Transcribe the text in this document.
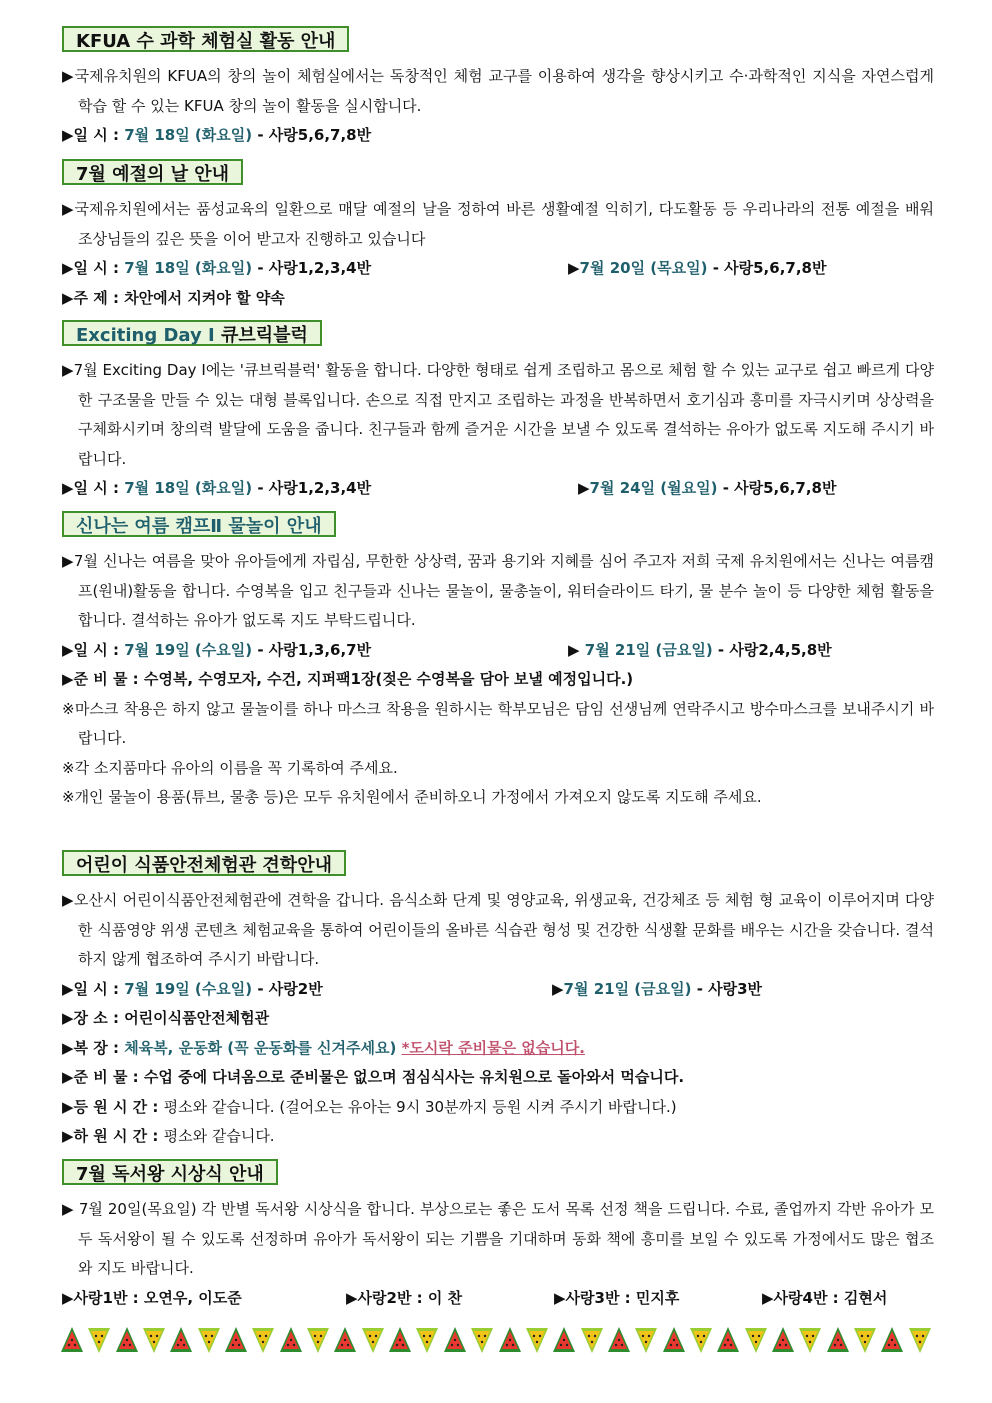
KFUA 수 과학 체험실 활동 안내
▶국제유치원의 KFUA의 창의 놀이 체험실에서는 독창적인 체험 교구를 이용하여 생각을 향상시키고 수·과학적인 지식을 자연스럽게 학습 할 수 있는 KFUA 창의 놀이 활동을 실시합니다.
▶일 시 : 7월 18일 (화요일) - 사랑5,6,7,8반
7월 예절의 날 안내
▶국제유치원에서는 품성교육의 일환으로 매달 예절의 날을 정하여 바른 생활예절 익히기, 다도활동 등 우리나라의 전통 예절을 배워 조상님들의 깊은 뜻을 이어 받고자 진행하고 있습니다
▶일 시 : 7월 18일 (화요일) - 사랑1,2,3,4반	▶7월 20일 (목요일) - 사랑5,6,7,8반
▶주 제 : 차안에서 지켜야 할 약속
Exciting Day Ⅰ 큐브릭블럭
▶7월 Exciting Day Ⅰ에는 '큐브릭블럭' 활동을 합니다. 다양한 형태로 쉽게 조립하고 몸으로 체험 할 수 있는 교구로 쉽고 빠르게 다양한 구조물을 만들 수 있는 대형 블록입니다. 손으로 직접 만지고 조립하는 과정을 반복하면서 호기심과 흥미를 자극시키며 상상력을 구체화시키며 창의력 발달에 도움을 줍니다. 친구들과 함께 즐거운 시간을 보낼 수 있도록 결석하는 유아가 없도록 지도해 주시기 바랍니다.
▶일 시 : 7월 18일 (화요일) - 사랑1,2,3,4반	▶7월 24일 (월요일) - 사랑5,6,7,8반
신나는 여름 캠프Ⅱ 물놀이 안내
▶7월 신나는 여름을 맞아 유아들에게 자립심, 무한한 상상력, 꿈과 용기와 지혜를 심어 주고자 저희 국제 유치원에서는 신나는 여름캠프(원내)활동을 합니다. 수영복을 입고 친구들과 신나는 물놀이, 물총놀이, 워터슬라이드 타기, 물 분수 놀이 등 다양한 체험 활동을 합니다. 결석하는 유아가 없도록 지도 부탁드립니다.
▶일 시 : 7월 19일 (수요일) - 사랑1,3,6,7반	▶ 7월 21일 (금요일) - 사랑2,4,5,8반
▶준 비 물 : 수영복, 수영모자, 수건, 지퍼팩1장(젖은 수영복을 담아 보낼 예정입니다.)
※마스크 착용은 하지 않고 물놀이를 하나 마스크 착용을 원하시는 학부모님은 담임 선생님께 연락주시고 방수마스크를 보내주시기 바랍니다.
※각 소지품마다 유아의 이름을 꼭 기록하여 주세요.
※개인 물놀이 용품(튜브, 물총 등)은 모두 유치원에서 준비하오니 가정에서 가져오지 않도록 지도해 주세요.
어린이 식품안전체험관 견학안내
▶오산시 어린이식품안전체험관에 견학을 갑니다. 음식소화 단계 및 영양교육, 위생교육, 건강체조 등 체험 형 교육이 이루어지며 다양한 식품영양 위생 콘텐츠 체험교육을 통하여 어린이들의 올바른 식습관 형성 및 건강한 식생활 문화를 배우는 시간을 갖습니다. 결석하지 않게 협조하여 주시기 바랍니다.
▶일 시 : 7월 19일 (수요일) - 사랑2반	▶7월 21일 (금요일) - 사랑3반
▶장 소 : 어린이식품안전체험관
▶복 장 : 체육복, 운동화 (꼭 운동화를 신겨주세요) *도시락 준비물은 없습니다.
▶준 비 물 : 수업 중에 다녀옴으로 준비물은 없으며 점심식사는 유치원으로 돌아와서 먹습니다.
▶등 원 시 간 : 평소와 같습니다. (걸어오는 유아는 9시 30분까지 등원 시켜 주시기 바랍니다.)
▶하 원 시 간 : 평소와 같습니다.
7월 독서왕 시상식 안내
▶ 7월 20일(목요일) 각 반별 독서왕 시상식을 합니다. 부상으로는 좋은 도서 목록 선정 책을 드립니다. 수료, 졸업까지 각반 유아가 모두 독서왕이 될 수 있도록 선정하며 유아가 독서왕이 되는 기쁨을 기대하며 동화 책에 흥미를 보일 수 있도록 가정에서도 많은 협조와 지도 바랍니다.
▶사랑1반 : 오연우, 이도준	▶사랑2반 : 이 찬	▶사랑3반 : 민지후	▶사랑4반 : 김현서
